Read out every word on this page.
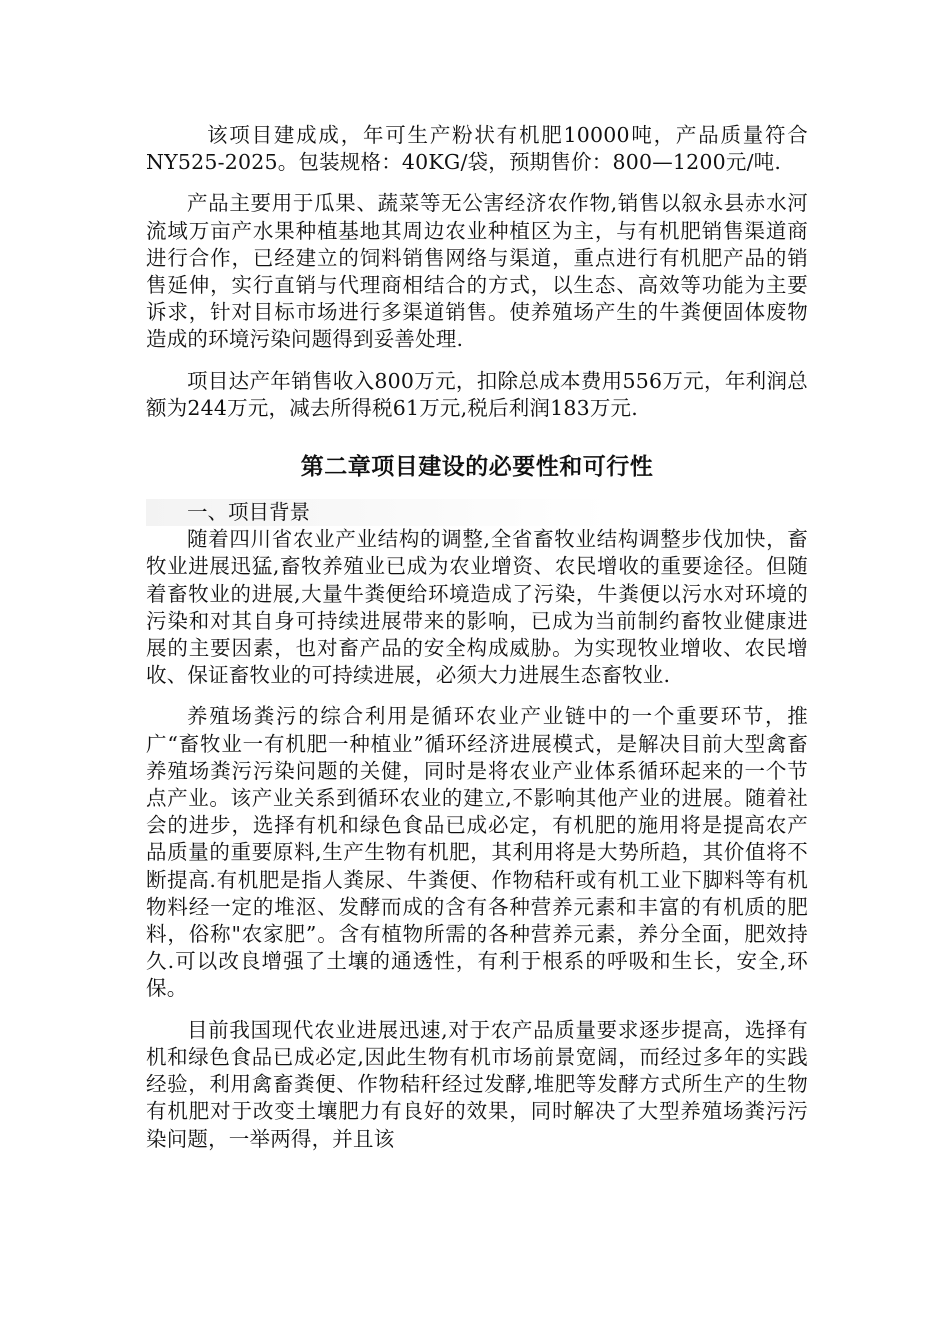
该项目建成成，年可生产粉状有机肥10000吨，产品质量符合NY525-2025。包装规格：40KG/袋，预期售价：800—1200元/吨.

产品主要用于瓜果、蔬菜等无公害经济农作物,销售以叙永县赤水河流域万亩产水果种植基地其周边农业种植区为主，与有机肥销售渠道商进行合作，已经建立的饲料销售网络与渠道，重点进行有机肥产品的销售延伸，实行直销与代理商相结合的方式，以生态、高效等功能为主要诉求，针对目标市场进行多渠道销售。使养殖场产生的牛粪便固体废物造成的环境污染问题得到妥善处理.

项目达产年销售收入800万元，扣除总成本费用556万元，年利润总额为244万元，减去所得税61万元,税后利润183万元.

第二章项目建设的必要性和可行性

一、项目背景

随着四川省农业产业结构的调整,全省畜牧业结构调整步伐加快，畜牧业进展迅猛,畜牧养殖业已成为农业增资、农民增收的重要途径。但随着畜牧业的进展,大量牛粪便给环境造成了污染，牛粪便以污水对环境的污染和对其自身可持续进展带来的影响，已成为当前制约畜牧业健康进展的主要因素，也对畜产品的安全构成威胁。为实现牧业增收、农民增收、保证畜牧业的可持续进展，必须大力进展生态畜牧业.

养殖场粪污的综合利用是循环农业产业链中的一个重要环节，推广“畜牧业一有机肥一种植业”循环经济进展模式，是解决目前大型禽畜养殖场粪污污染问题的关健，同时是将农业产业体系循环起来的一个节点产业。该产业关系到循环农业的建立,不影响其他产业的进展。随着社会的进步，选择有机和绿色食品已成必定，有机肥的施用将是提高农产品质量的重要原料,生产生物有机肥，其利用将是大势所趋，其价值将不断提高.有机肥是指人粪尿、牛粪便、作物秸秆或有机工业下脚料等有机物料经一定的堆沤、发酵而成的含有各种营养元素和丰富的有机质的肥料，俗称"农家肥”。含有植物所需的各种营养元素，养分全面，肥效持久.可以改良增强了土壤的通透性，有利于根系的呼吸和生长，安全,环保。

目前我国现代农业进展迅速,对于农产品质量要求逐步提高，选择有机和绿色食品已成必定,因此生物有机市场前景宽阔，而经过多年的实践经验，利用禽畜粪便、作物秸秆经过发酵,堆肥等发酵方式所生产的生物有机肥对于改变土壤肥力有良好的效果，同时解决了大型养殖场粪污污染问题，一举两得，并且该
